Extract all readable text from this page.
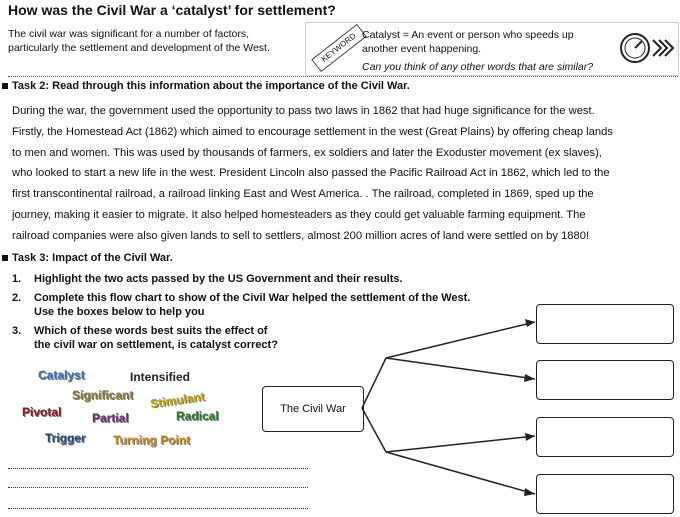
How was the Civil War a ‘catalyst’ for settlement?
The civil war was significant for a number of factors, particularly the settlement and development of the West.	KEYWORD Catalyst = An event or person who speeds up another event happening.
Can you think of any other words that are similar?
Task 2: Read through this information about the importance of the Civil War.
During the war, the government used the opportunity to pass two laws in 1862 that had huge significance for the west.
Firstly, the Homestead Act (1862) which aimed to encourage settlement in the west (Great Plains) by offering cheap lands
to men and women. This was used by thousands of farmers, ex soldiers and later the Exoduster movement (ex slaves),
who looked to start a new life in the west. President Lincoln also passed the Pacific Railroad Act in 1862, which led to the
first transcontinental railroad, a railroad linking East and West America. . The railroad, completed in 1869, sped up the
journey, making it easier to migrate. It also helped homesteaders as they could get valuable farming equipment. The
railroad companies were also given lands to sell to settlers, almost 200 million acres of land were settled on by 1880!
Task 3: Impact of the Civil War.
1. Highlight the two acts passed by the US Government and their results.
2. Complete this flow chart to show of the Civil War helped the settlement of the West.
Use the boxes below to help you
3. Which of these words best suits the effect of
the civil war on settlement, is catalyst correct?
Catalyst	Intensified
Significant Stimulant
Pivotal	Partial	Radical
Trigger Turning Point
The Civil War
